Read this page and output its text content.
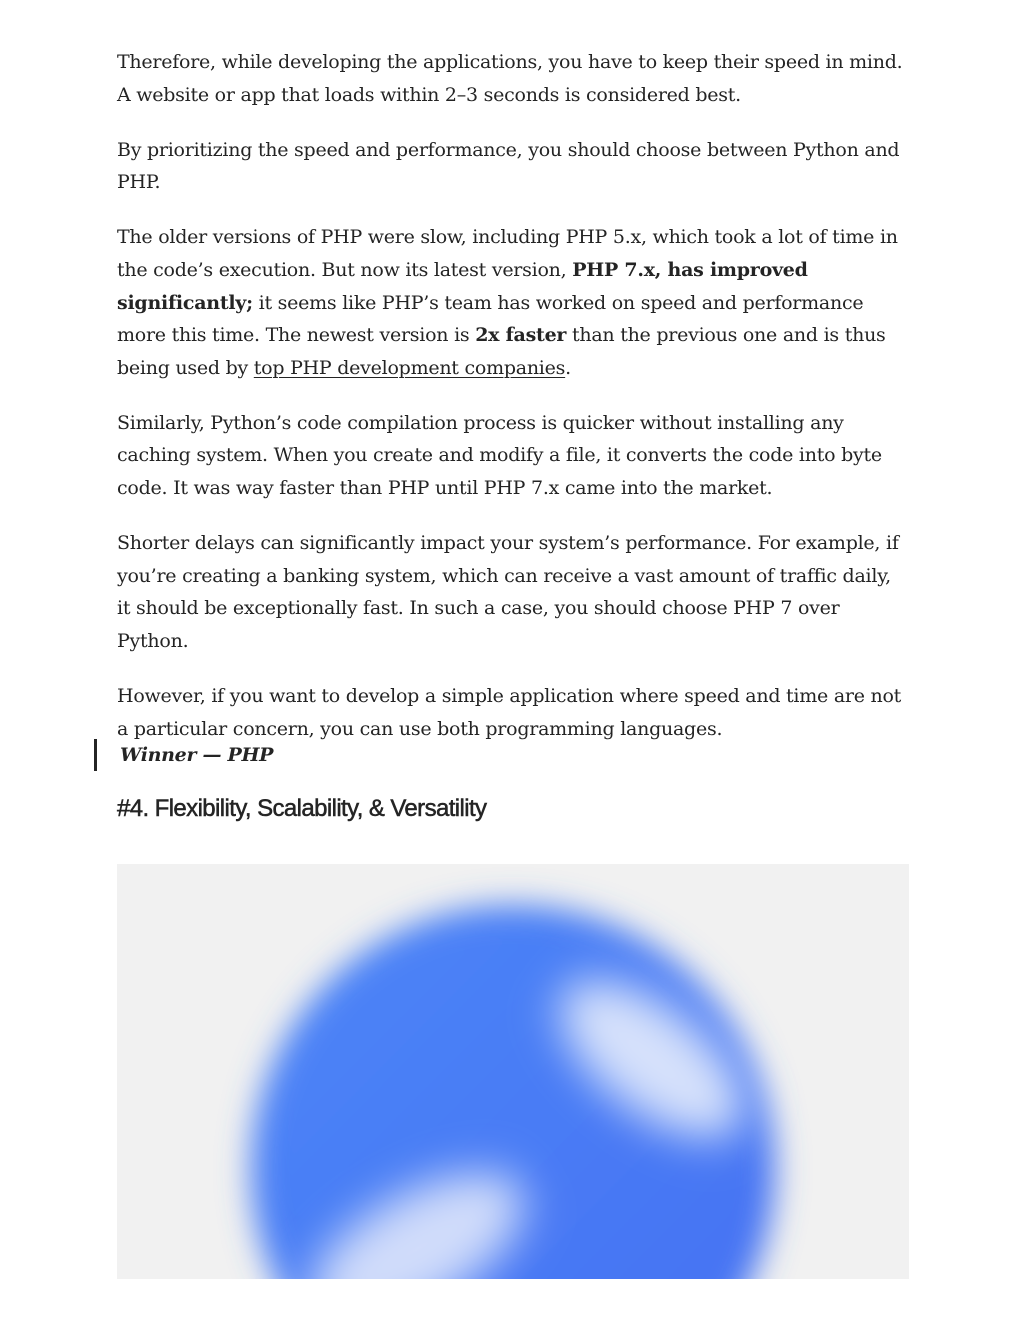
Therefore, while developing the applications, you have to keep their speed in mind. A website or app that loads within 2–3 seconds is considered best.

By prioritizing the speed and performance, you should choose between Python and PHP.

The older versions of PHP were slow, including PHP 5.x, which took a lot of time in the code’s execution. But now its latest version, PHP 7.x, has improved significantly; it seems like PHP’s team has worked on speed and performance more this time. The newest version is 2x faster than the previous one and is thus being used by top PHP development companies.

Similarly, Python’s code compilation process is quicker without installing any caching system. When you create and modify a file, it converts the code into byte code. It was way faster than PHP until PHP 7.x came into the market.

Shorter delays can significantly impact your system’s performance. For example, if you’re creating a banking system, which can receive a vast amount of traffic daily, it should be exceptionally fast. In such a case, you should choose PHP 7 over Python.

However, if you want to develop a simple application where speed and time are not a particular concern, you can use both programming languages.

Winner — PHP
#4. Flexibility, Scalability, & Versatility
